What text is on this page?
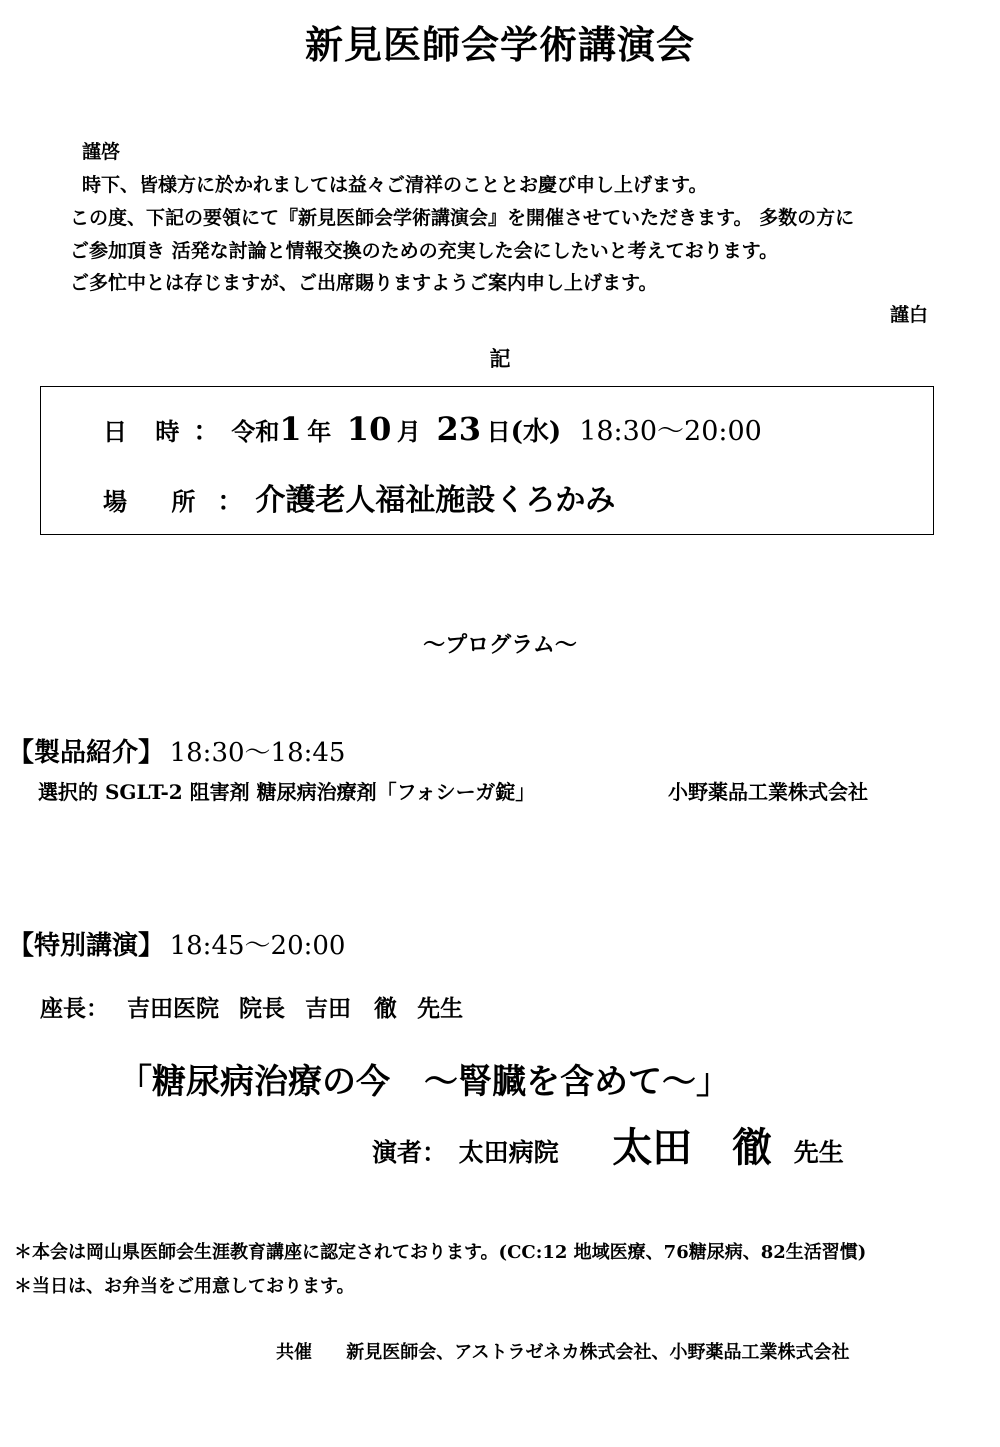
新見医師会学術講演会
謹啓
時下、皆様方に於かれましては益々ご清祥のこととお慶び申し上げます。
この度、下記の要領にて『新見医師会学術講演会』を開催させていただきます。 多数の方に
ご参加頂き 活発な討論と情報交換のための充実した会にしたいと考えております。
ご多忙中とは存じますが、ご出席賜りますようご案内申し上げます。
謹白
記
日 時 ： 令和1 年 10 月 23 日(水) 18:30～20:00
場 所 ： 介護老人福祉施設くろかみ
～プログラム～
【製品紹介】 18:30～18:45
選択的 SGLT-2 阻害剤 糖尿病治療剤「フォシーガ錠」	小野薬品工業株式会社
【特別講演】 18:45～20:00
座長： 吉田医院 院長 吉田　徹 先生
「糖尿病治療の今　～腎臓を含めて～」
演者： 太田病院 太田　徹 先生
＊本会は岡山県医師会生涯教育講座に認定されております。(CC:12 地域医療、76糖尿病、82生活習慣)
＊当日は、お弁当をご用意しております。
共催 新見医師会、アストラゼネカ株式会社、小野薬品工業株式会社
